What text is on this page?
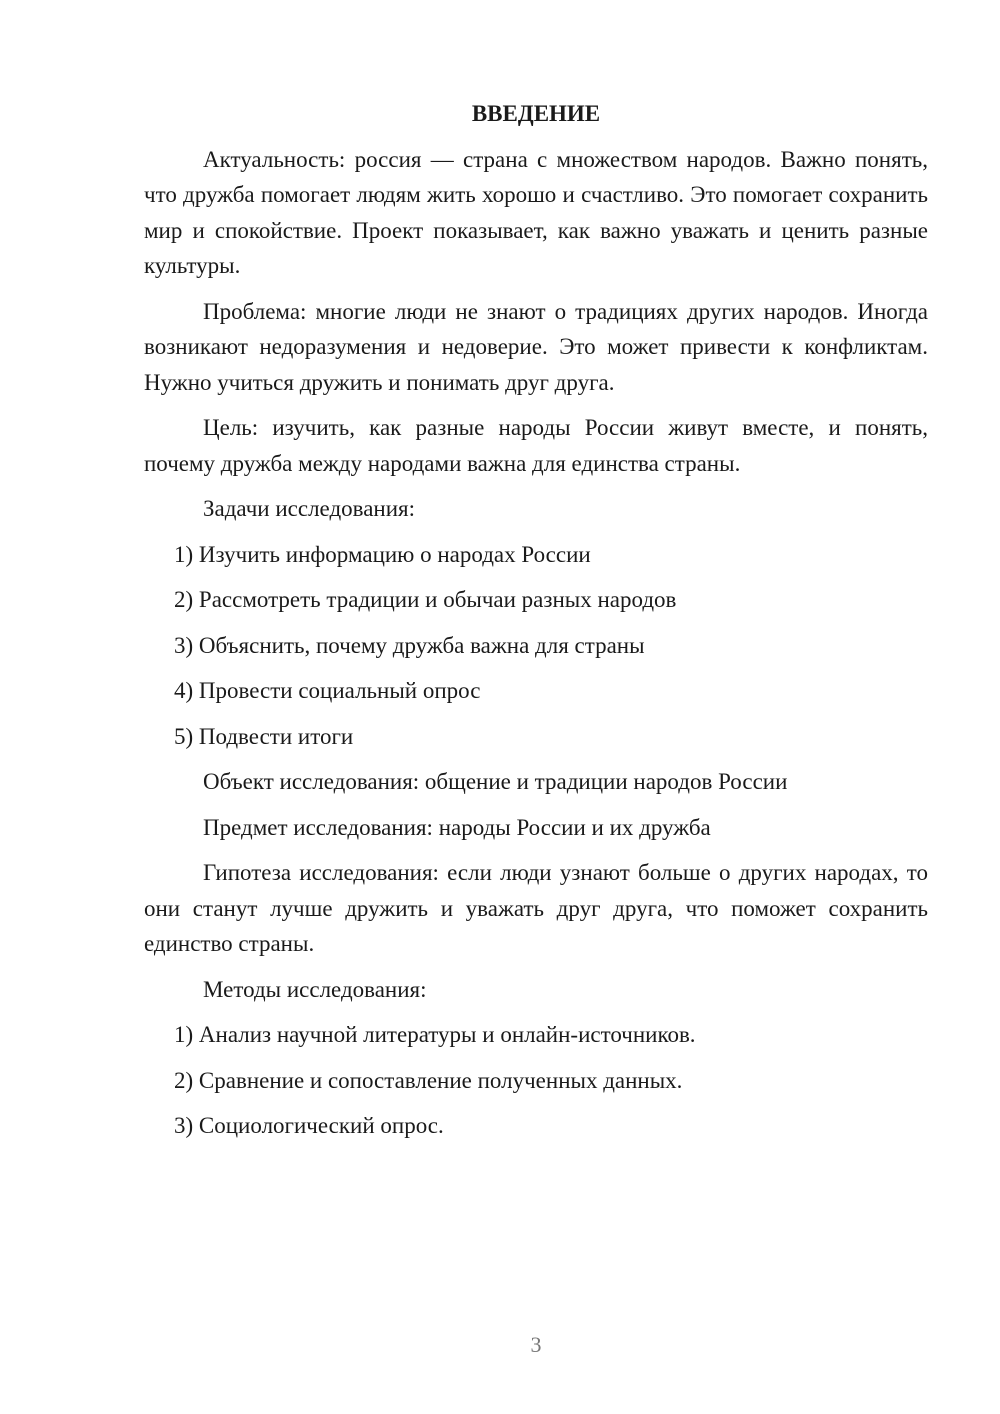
ВВЕДЕНИЕ

Актуальность: россия — страна с множеством народов. Важно понять, что дружба помогает людям жить хорошо и счастливо. Это помогает сохранить мир и спокойствие. Проект показывает, как важно уважать и ценить разные культуры.

Проблема: многие люди не знают о традициях других народов. Иногда возникают недоразумения и недоверие. Это может привести к конфликтам. Нужно учиться дружить и понимать друг друга.

Цель: изучить, как разные народы России живут вместе, и понять, почему дружба между народами важна для единства страны.

Задачи исследования:

1) Изучить информацию о народах России

2) Рассмотреть традиции и обычаи разных народов

3) Объяснить, почему дружба важна для страны

4) Провести социальный опрос

5) Подвести итоги

Объект исследования: общение и традиции народов России

Предмет исследования: народы России и их дружба

Гипотеза исследования: если люди узнают больше о других народах, то они станут лучше дружить и уважать друг друга, что поможет сохранить единство страны.

Методы исследования:

1) Анализ научной литературы и онлайн-источников.

2) Сравнение и сопоставление полученных данных.

3) Социологический опрос.

3
